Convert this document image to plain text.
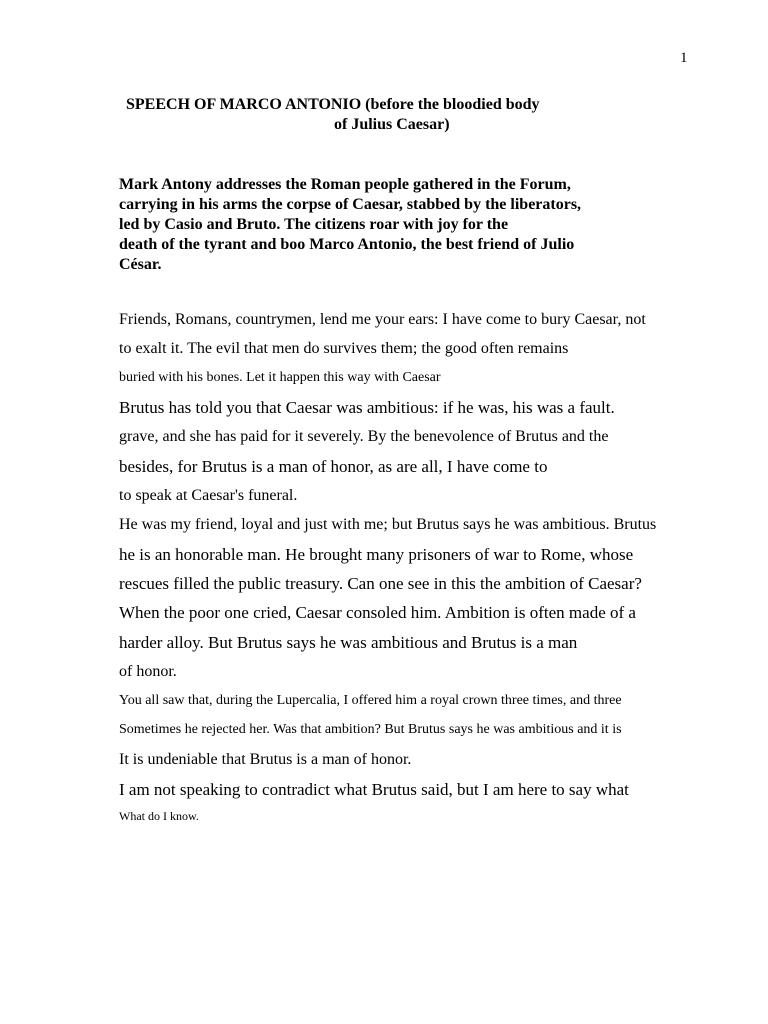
1
SPEECH OF MARCO ANTONIO (before the bloodied body
of Julius Caesar)
Mark Antony addresses the Roman people gathered in the Forum,
carrying in his arms the corpse of Caesar, stabbed by the liberators,
led by Casio and Bruto. The citizens roar with joy for the
death of the tyrant and boo Marco Antonio, the best friend of Julio
César.
Friends, Romans, countrymen, lend me your ears: I have come to bury Caesar, not
to exalt it. The evil that men do survives them; the good often remains
buried with his bones. Let it happen this way with Caesar
Brutus has told you that Caesar was ambitious: if he was, his was a fault.
grave, and she has paid for it severely. By the benevolence of Brutus and the
besides, for Brutus is a man of honor, as are all, I have come to
to speak at Caesar's funeral.
He was my friend, loyal and just with me; but Brutus says he was ambitious. Brutus
he is an honorable man. He brought many prisoners of war to Rome, whose
rescues filled the public treasury. Can one see in this the ambition of Caesar?
When the poor one cried, Caesar consoled him. Ambition is often made of a
harder alloy. But Brutus says he was ambitious and Brutus is a man
of honor.
You all saw that, during the Lupercalia, I offered him a royal crown three times, and three
Sometimes he rejected her. Was that ambition? But Brutus says he was ambitious and it is
It is undeniable that Brutus is a man of honor.
I am not speaking to contradict what Brutus said, but I am here to say what
What do I know.
